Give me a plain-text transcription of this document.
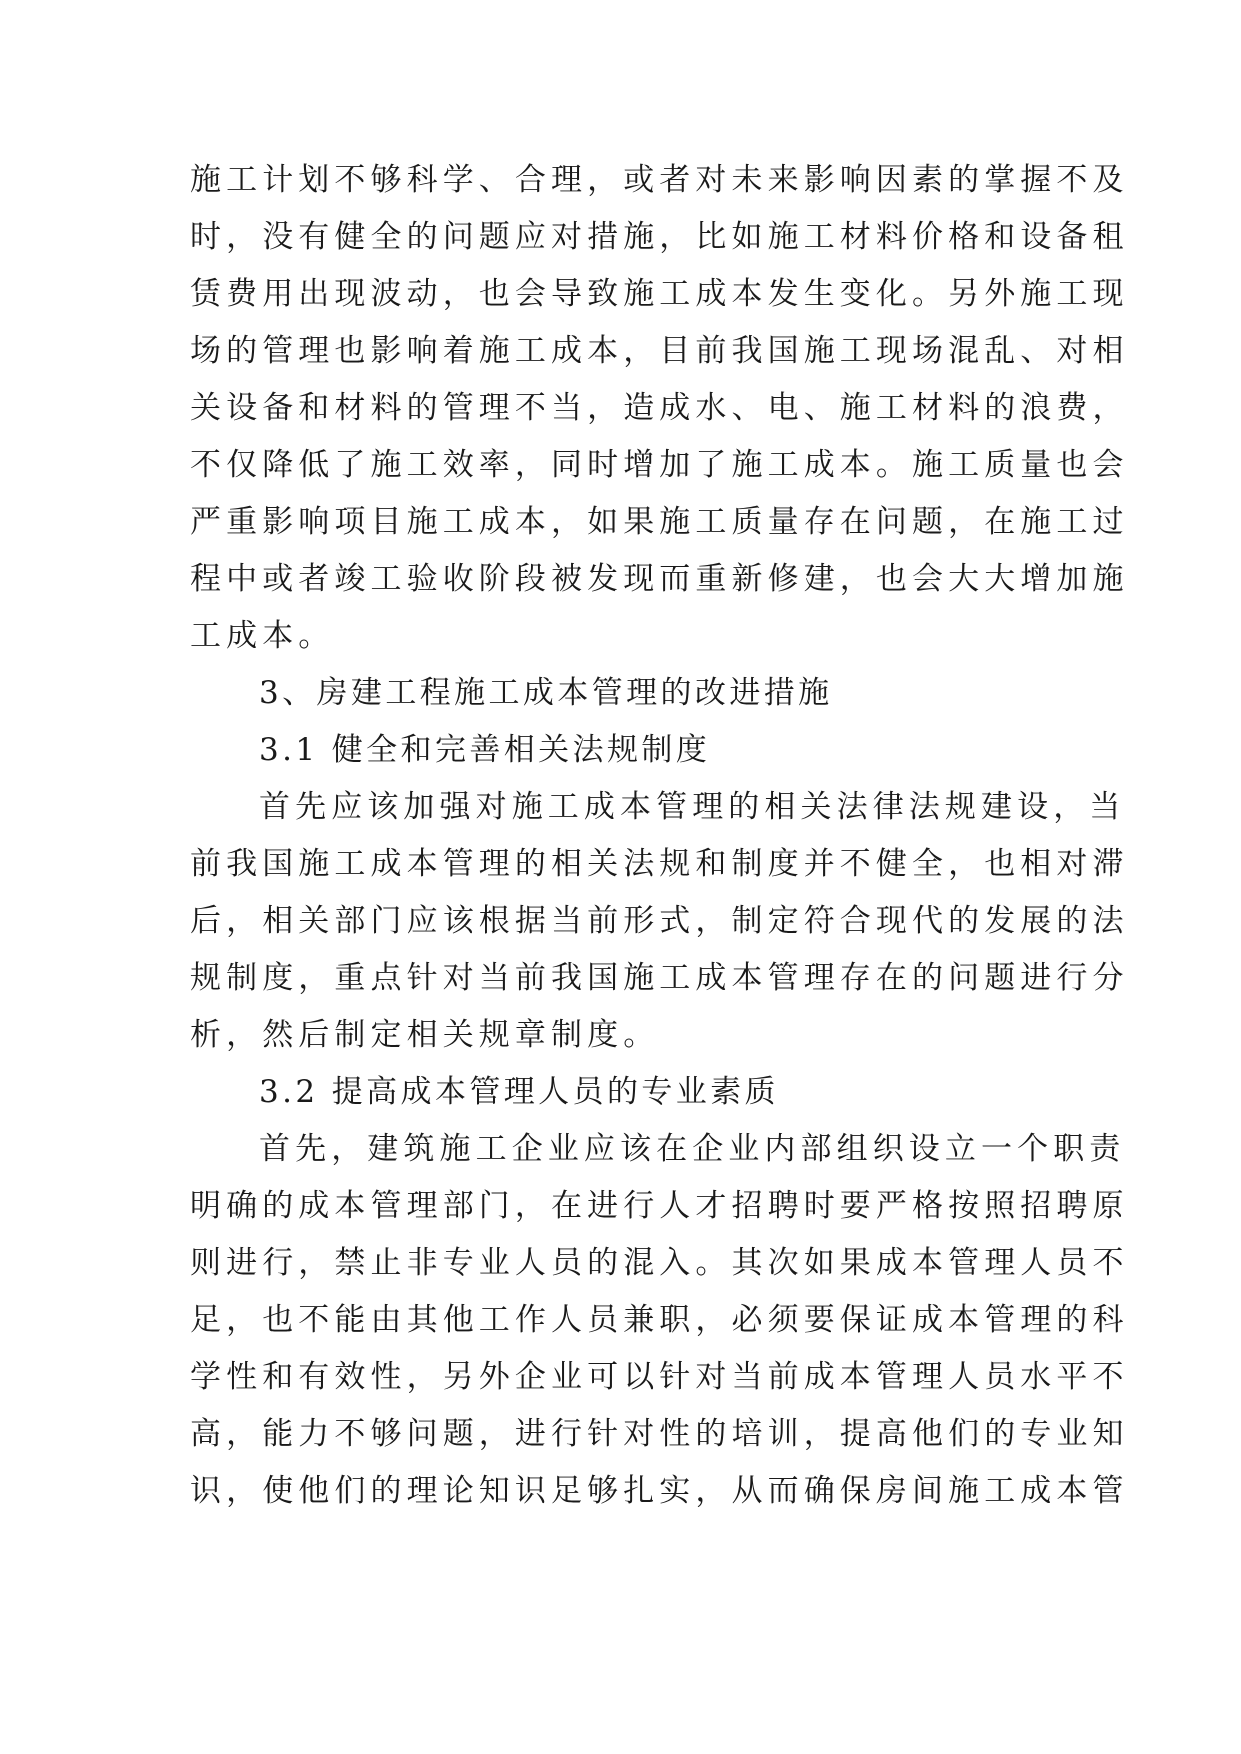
施工计划不够科学、合理，或者对未来影响因素的掌握不及
时，没有健全的问题应对措施，比如施工材料价格和设备租
赁费用出现波动，也会导致施工成本发生变化。另外施工现
场的管理也影响着施工成本，目前我国施工现场混乱、对相
关设备和材料的管理不当，造成水、电、施工材料的浪费，
不仅降低了施工效率，同时增加了施工成本。施工质量也会
严重影响项目施工成本，如果施工质量存在问题，在施工过
程中或者竣工验收阶段被发现而重新修建，也会大大增加施
工成本。
3、房建工程施工成本管理的改进措施
3.1 健全和完善相关法规制度
首先应该加强对施工成本管理的相关法律法规建设，当
前我国施工成本管理的相关法规和制度并不健全，也相对滞
后，相关部门应该根据当前形式，制定符合现代的发展的法
规制度，重点针对当前我国施工成本管理存在的问题进行分
析，然后制定相关规章制度。
3.2 提高成本管理人员的专业素质
首先，建筑施工企业应该在企业内部组织设立一个职责
明确的成本管理部门，在进行人才招聘时要严格按照招聘原
则进行，禁止非专业人员的混入。其次如果成本管理人员不
足，也不能由其他工作人员兼职，必须要保证成本管理的科
学性和有效性，另外企业可以针对当前成本管理人员水平不
高，能力不够问题，进行针对性的培训，提高他们的专业知
识，使他们的理论知识足够扎实，从而确保房间施工成本管
